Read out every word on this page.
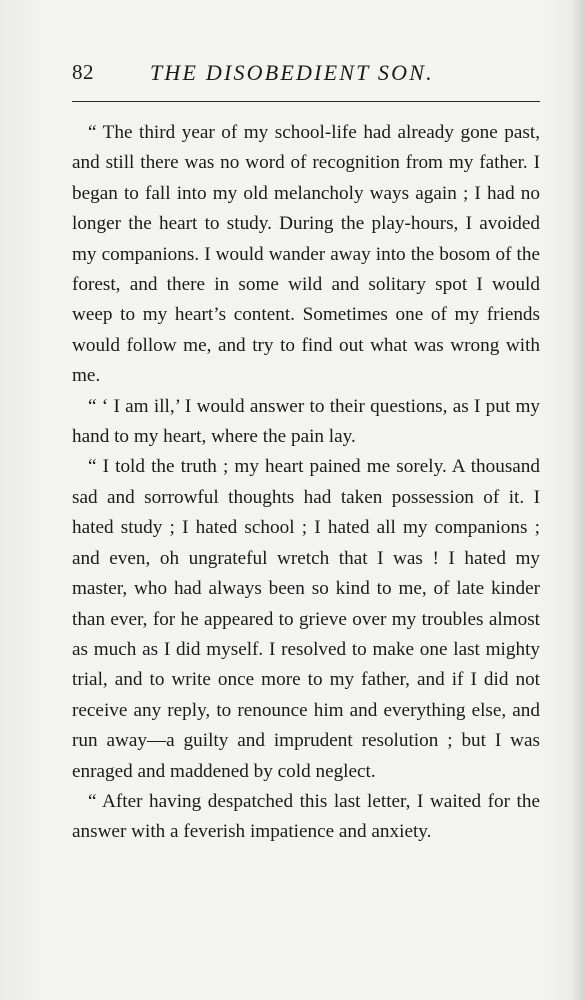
82	THE DISOBEDIENT SON.

“ The third year of my school-life had already gone past, and still there was no word of recognition from my father. I began to fall into my old melancholy ways again ; I had no longer the heart to study. During the play-hours, I avoided my companions. I would wander away into the bosom of the forest, and there in some wild and solitary spot I would weep to my heart’s content. Sometimes one of my friends would follow me, and try to find out what was wrong with me.

“ ‘ I am ill,’ I would answer to their questions, as I put my hand to my heart, where the pain lay.

“ I told the truth ; my heart pained me sorely. A thousand sad and sorrowful thoughts had taken possession of it. I hated study ; I hated school ; I hated all my companions ; and even, oh ungrateful wretch that I was ! I hated my master, who had always been so kind to me, of late kinder than ever, for he appeared to grieve over my troubles almost as much as I did myself. I resolved to make one last mighty trial, and to write once more to my father, and if I did not receive any reply, to renounce him and everything else, and run away—a guilty and imprudent resolution ; but I was enraged and maddened by cold neglect.

“ After having despatched this last letter, I waited for the answer with a feverish impatience and anxiety.
